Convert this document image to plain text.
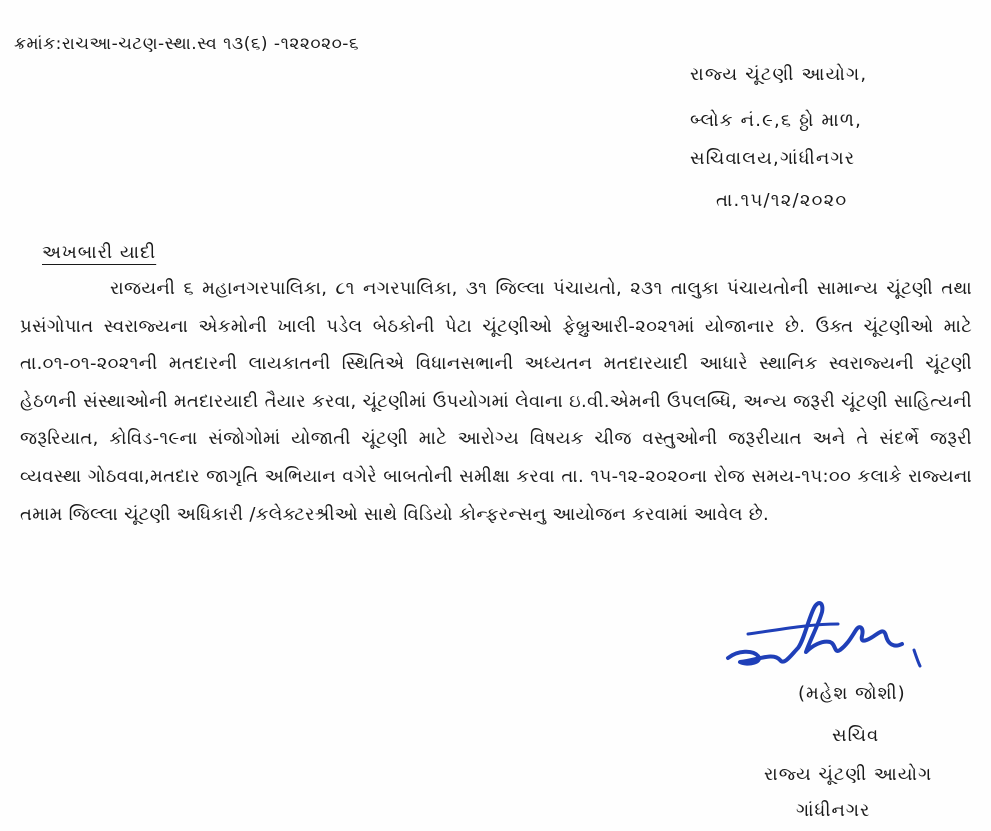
ક્રમાંક:રાચઆ-ચટણ-સ્થા.સ્વ ૧૩(૬) -૧૨૨૦૨૦-૬
રાજ્ય ચૂંટણી આયોગ,
બ્લોક નં.૯,૬ ઠ્ઠો માળ,
સચિવાલય,ગાંધીનગર
તા.૧૫/૧૨/૨૦૨૦
અખબારી યાદી
રાજયની ૬ મહાનગરપાલિકા, ૮૧ નગરપાલિકા, ૩૧ જિલ્લા પંચાયતો, ૨૩૧ તાલુકા પંચાયતોની સામાન્ય ચૂંટણી તથા પ્રસંગોપાત સ્વરાજ્યના એકમોની ખાલી પડેલ બેઠકોની પેટા ચૂંટણીઓ ફેબ્રુઆરી-૨૦૨૧માં યોજાનાર છે. ઉક્ત ચૂંટણીઓ માટે તા.૦૧-૦૧-૨૦૨૧ની મતદારની લાયકાતની સ્થિતિએ વિધાનસભાની અધ્યતન મતદારયાદી આધારે સ્થાનિક સ્વરાજ્યની ચૂંટણી હેઠળની સંસ્થાઓની મતદારયાદી તૈયાર કરવા, ચૂંટણીમાં ઉપયોગમાં લેવાના ઇ.વી.એમની ઉપલબ્ધિ, અન્ય જરૂરી ચૂંટણી સાહિત્યની જરૂરિયાત, કોવિડ-૧૯ના સંજોગોમાં યોજાતી ચૂંટણી માટે આરોગ્ય વિષયક ચીજ વસ્તુઓની જરૂરીયાત અને તે સંદર્ભે જરૂરી વ્યવસ્થા ગોઠવવા,મતદાર જાગૃતિ અભિયાન વગેરે બાબતોની સમીક્ષા કરવા તા. ૧૫-૧૨-૨૦૨૦ના રોજ સમય-૧૫:૦૦ કલાકે રાજ્યના તમામ જિલ્લા ચૂંટણી અધિકારી /કલેક્ટરશ્રીઓ સાથે વિડિયો કોન્ફરન્સનુ આયોજન કરવામાં આવેલ છે.
(મહેશ જોશી)
સચિવ
રાજ્ય ચૂંટણી આયોગ
ગાંધીનગર
